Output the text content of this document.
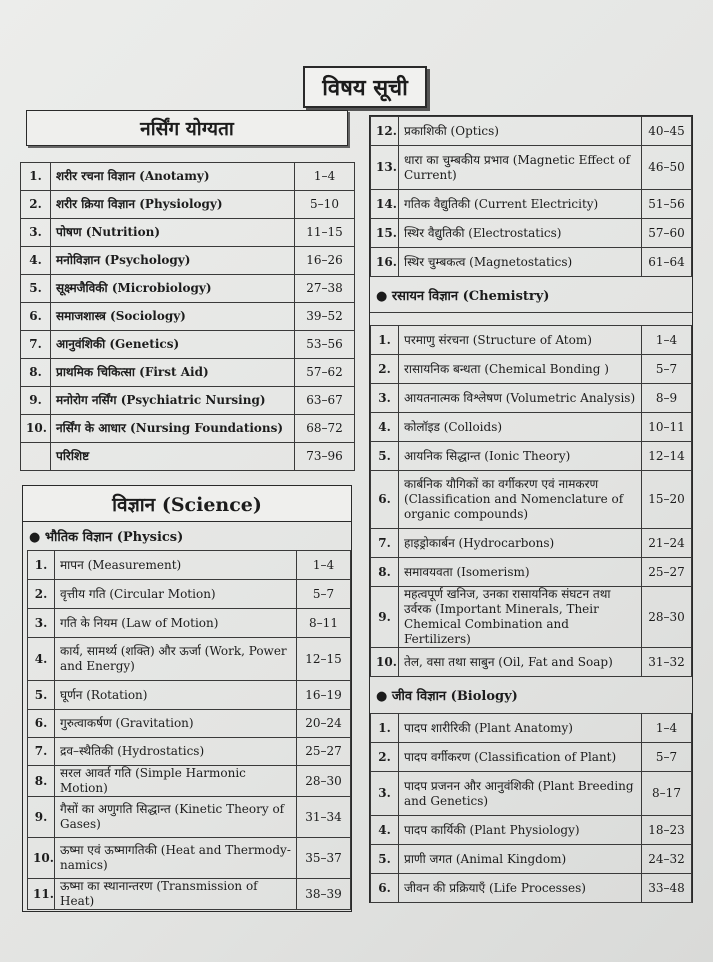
विषय सूची
नर्सिंग योग्यता
1.	शरीर रचना विज्ञान (Anotamy)	1–4
2.	शरीर क्रिया विज्ञान (Physiology)	5–10
3.	पोषण (Nutrition)	11–15
4.	मनोविज्ञान (Psychology)	16–26
5.	सूक्ष्मजैविकी (Microbiology)	27–38
6.	समाजशास्त्र (Sociology)	39–52
7.	आनुवंशिकी (Genetics)	53–56
8.	प्राथमिक चिकित्सा (First Aid)	57–62
9.	मनोरोग नर्सिंग (Psychiatric Nursing)	63–67
10.	नर्सिंग के आधार (Nursing Foundations)	68–72
	परिशिष्ट	73–96
विज्ञान (Science)
● भौतिक विज्ञान (Physics)
1.	मापन (Measurement)	1–4
2.	वृत्तीय गति (Circular Motion)	5–7
3.	गति के नियम (Law of Motion)	8–11
4.	कार्य, सामर्थ्य (शक्ति) और ऊर्जा (Work, Power and Energy)	12–15
5.	घूर्णन (Rotation)	16–19
6.	गुरुत्वाकर्षण (Gravitation)	20–24
7.	द्रव–स्थैतिकी (Hydrostatics)	25–27
8.	सरल आवर्त गति (Simple Harmonic Motion)	28–30
9.	गैसों का अणुगति सिद्धान्त (Kinetic Theory of Gases)	31–34
10.	ऊष्मा एवं ऊष्मागतिकी (Heat and Thermody-namics)	35–37
11.	ऊष्मा का स्थानान्तरण (Transmission of Heat)	38–39
12.	प्रकाशिकी (Optics)	40–45
13.	धारा का चुम्बकीय प्रभाव (Magnetic Effect of Current)	46–50
14.	गतिक वैद्युतिकी (Current Electricity)	51–56
15.	स्थिर वैद्युतिकी (Electrostatics)	57–60
16.	स्थिर चुम्बकत्व (Magnetostatics)	61–64
● रसायन विज्ञान (Chemistry)
1.	परमाणु संरचना (Structure of Atom)	1–4
2.	रासायनिक बन्धता (Chemical Bonding )	5–7
3.	आयतनात्मक विश्लेषण (Volumetric Analysis)	8–9
4.	कोलॉइड (Colloids)	10–11
5.	आयनिक सिद्धान्त (Ionic Theory)	12–14
6.	कार्बनिक यौगिकों का वर्गीकरण एवं नामकरण (Classification and Nomenclature of organic compounds)	15–20
7.	हाइड्रोकार्बन (Hydrocarbons)	21–24
8.	समावयवता (Isomerism)	25–27
9.	महत्वपूर्ण खनिज, उनका रासायनिक संघटन तथा उर्वरक (Important Minerals, Their Chemical Combination and Fertilizers)	28–30
10.	तेल, वसा तथा साबुन (Oil, Fat and Soap)	31–32
● जीव विज्ञान (Biology)
1.	पादप शारीरिकी (Plant Anatomy)	1–4
2.	पादप वर्गीकरण (Classification of Plant)	5–7
3.	पादप प्रजनन और आनुवंशिकी (Plant Breeding and Genetics)	8–17
4.	पादप कार्यिकी (Plant Physiology)	18–23
5.	प्राणी जगत (Animal Kingdom)	24–32
6.	जीवन की प्रक्रियाएँ (Life Processes)	33–48
